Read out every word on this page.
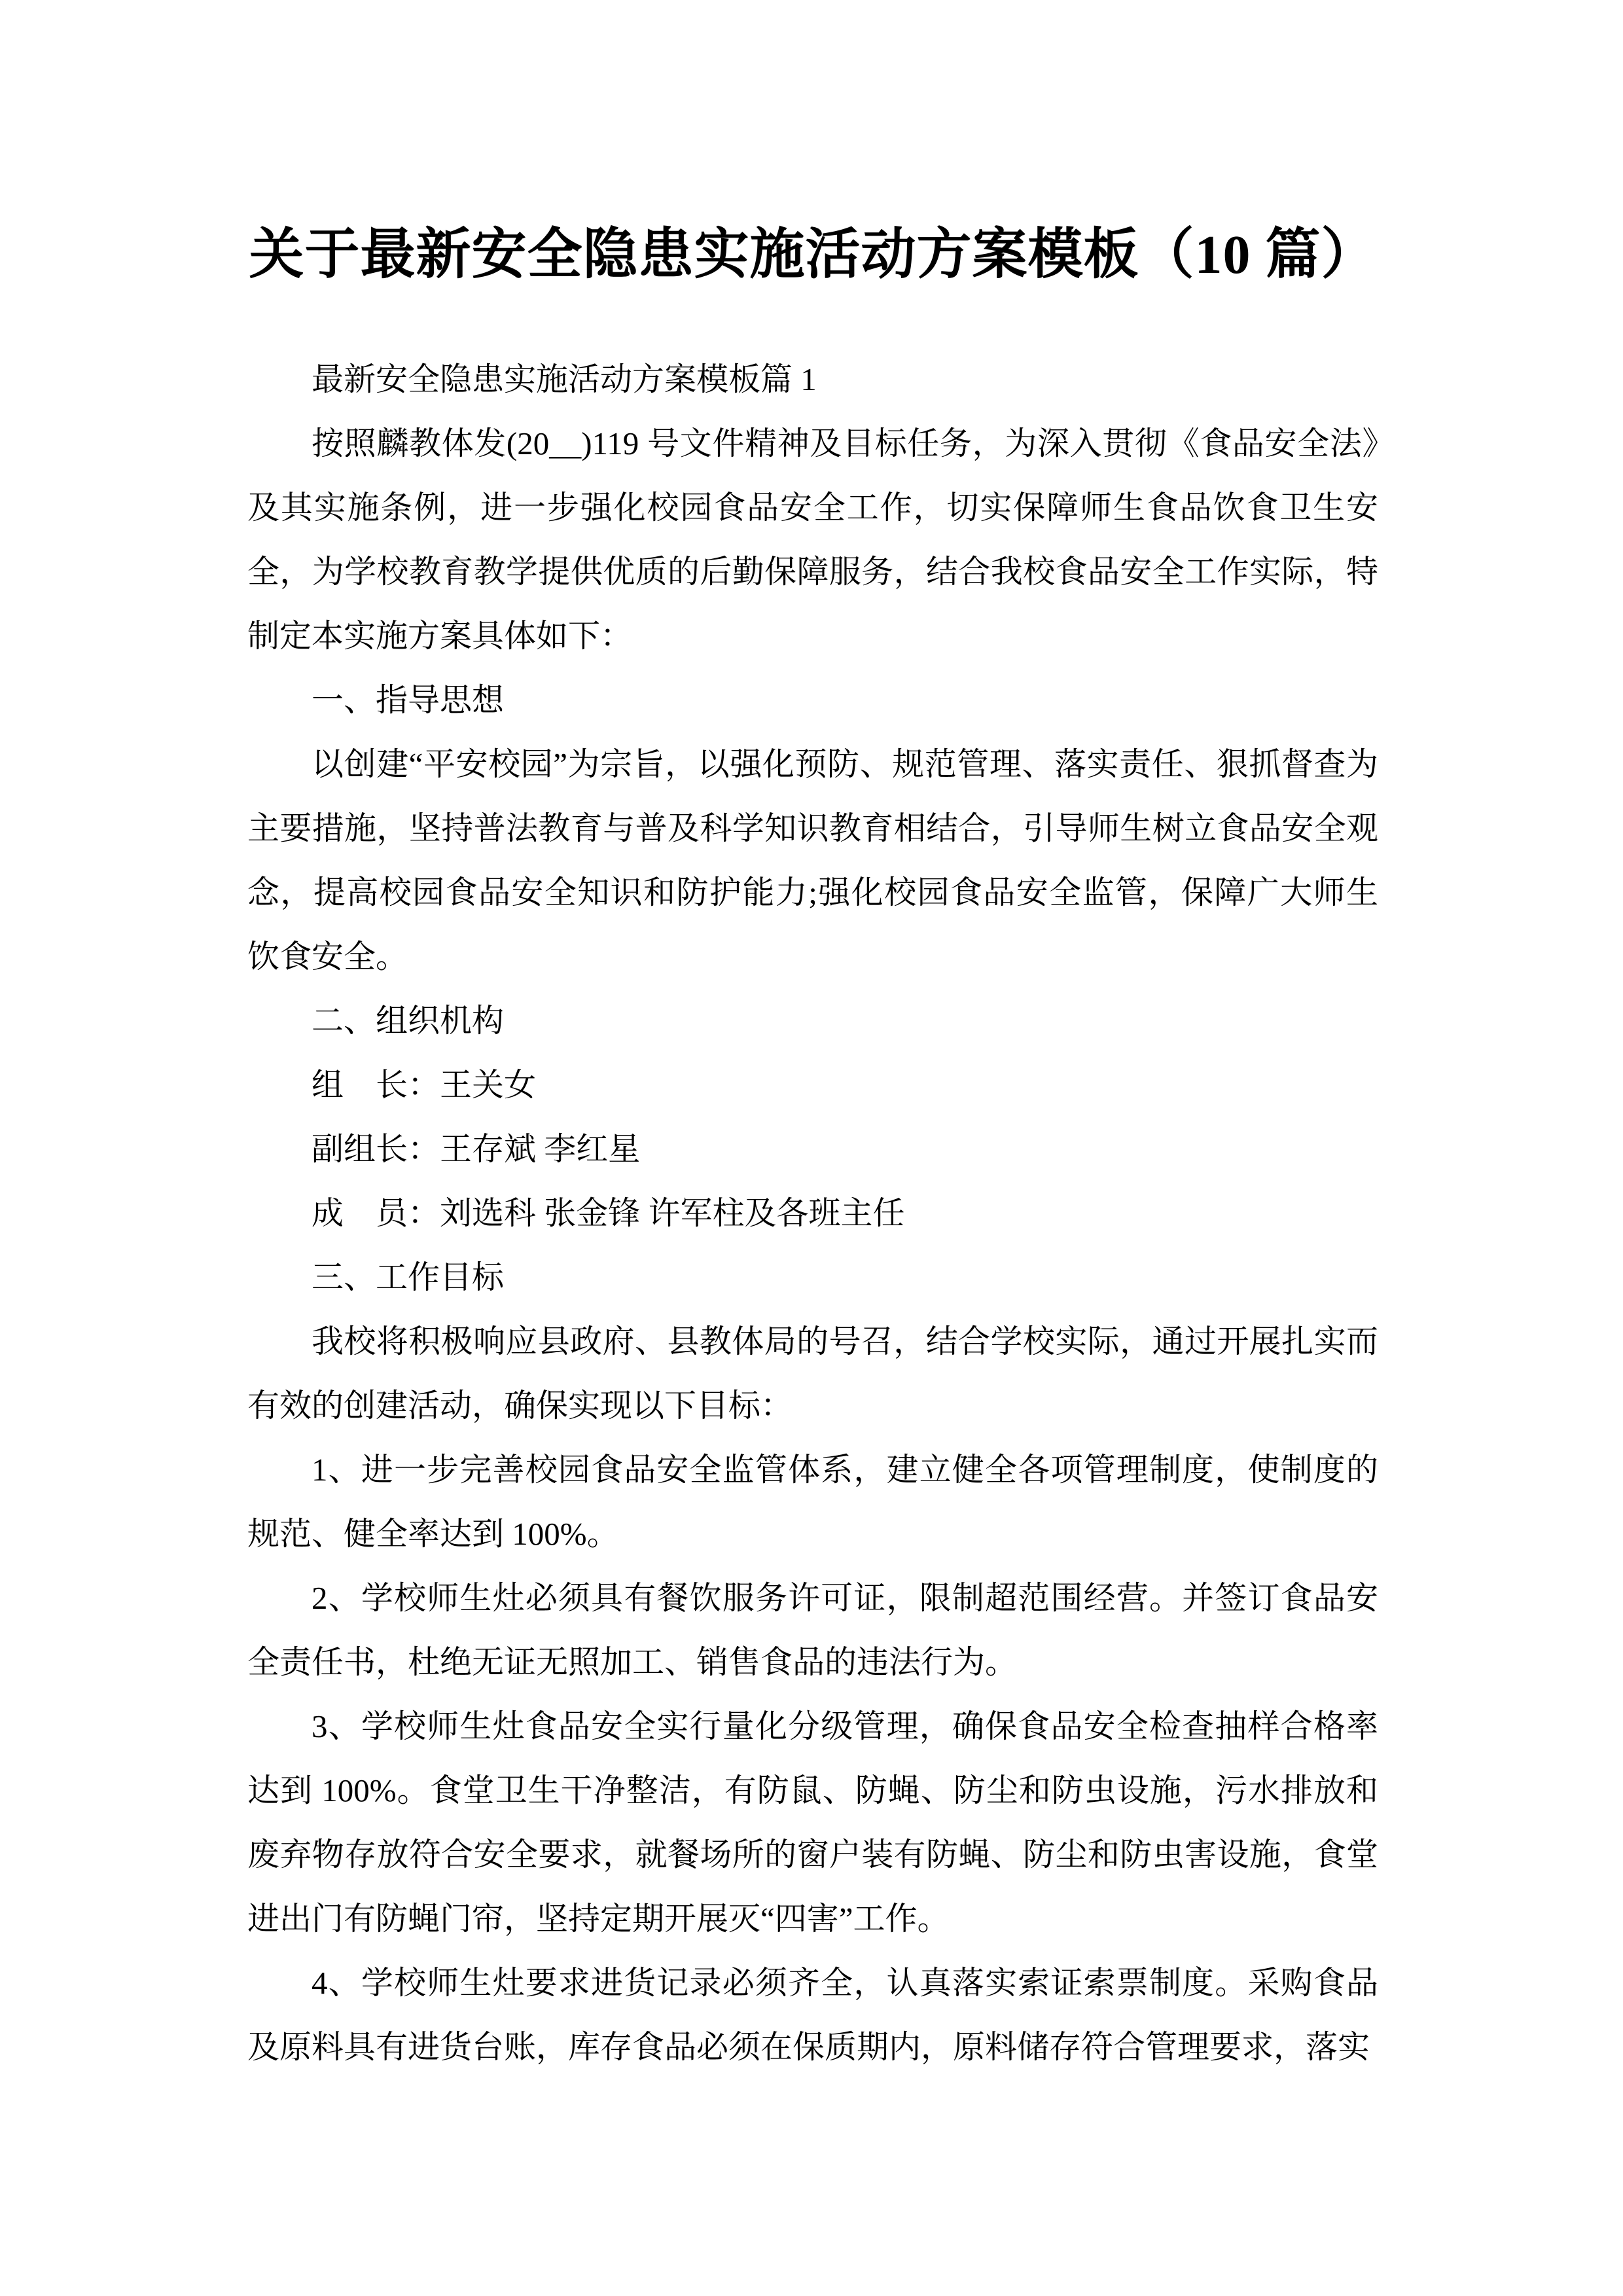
关于最新安全隐患实施活动方案模板（10 篇）

最新安全隐患实施活动方案模板篇 1

按照麟教体发(20__)119 号文件精神及目标任务，为深入贯彻《食品安全法》及其实施条例，进一步强化校园食品安全工作，切实保障师生食品饮食卫生安全，为学校教育教学提供优质的后勤保障服务，结合我校食品安全工作实际，特制定本实施方案具体如下：

一、指导思想

以创建“平安校园”为宗旨，以强化预防、规范管理、落实责任、狠抓督查为主要措施，坚持普法教育与普及科学知识教育相结合，引导师生树立食品安全观念，提高校园食品安全知识和防护能力;强化校园食品安全监管，保障广大师生饮食安全。

二、组织机构

组　长：王关女

副组长：王存斌 李红星

成　员：刘选科 张金锋 许军柱及各班主任

三、工作目标

我校将积极响应县政府、县教体局的号召，结合学校实际，通过开展扎实而有效的创建活动，确保实现以下目标：

1、进一步完善校园食品安全监管体系，建立健全各项管理制度，使制度的规范、健全率达到 100%。

2、学校师生灶必须具有餐饮服务许可证，限制超范围经营。并签订食品安全责任书，杜绝无证无照加工、销售食品的违法行为。

3、学校师生灶食品安全实行量化分级管理，确保食品安全检查抽样合格率达到 100%。食堂卫生干净整洁，有防鼠、防蝇、防尘和防虫设施，污水排放和废弃物存放符合安全要求，就餐场所的窗户装有防蝇、防尘和防虫害设施，食堂进出门有防蝇门帘，坚持定期开展灭“四害”工作。

4、学校师生灶要求进货记录必须齐全，认真落实索证索票制度。采购食品及原料具有进货台账，库存食品必须在保质期内，原料储存符合管理要求，落实
